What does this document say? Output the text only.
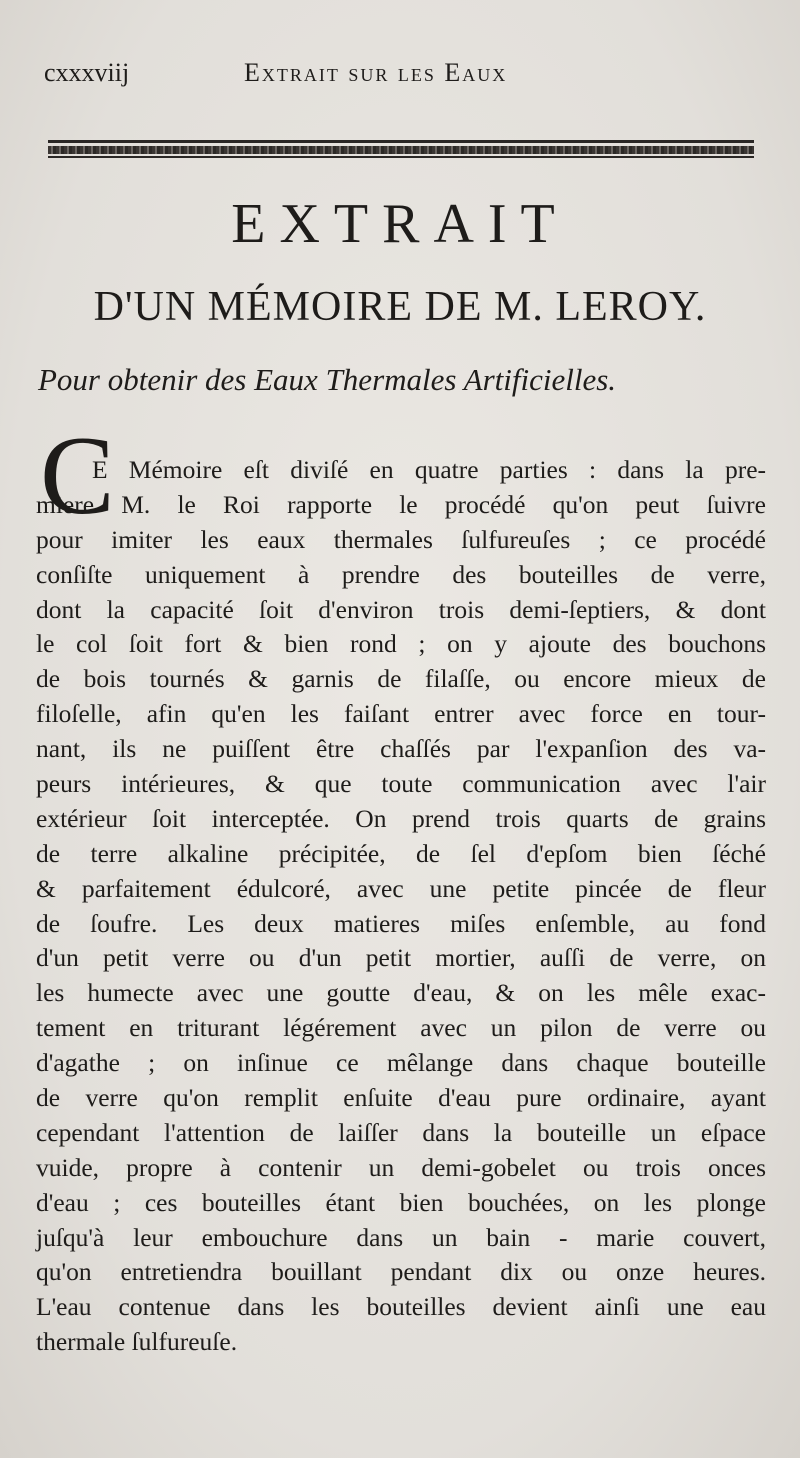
cxxxviij	Extrait sur les Eaux
EXTRAIT
D'UN MÉMOIRE DE M. LEROY.
Pour obtenir des Eaux Thermales Artificielles.
C
E Mémoire eſt diviſé en quatre parties : dans la pre-
miere M. le Roi rapporte le procédé qu'on peut ſuivre
pour imiter les eaux thermales ſulfureuſes ; ce procédé
conſiſte uniquement à prendre des bouteilles de verre,
dont la capacité ſoit d'environ trois demi-ſeptiers, & dont
le col ſoit fort & bien rond ; on y ajoute des bouchons
de bois tournés & garnis de filaſſe, ou encore mieux de
filoſelle, afin qu'en les faiſant entrer avec force en tour-
nant, ils ne puiſſent être chaſſés par l'expanſion des va-
peurs intérieures, & que toute communication avec l'air
extérieur ſoit interceptée. On prend trois quarts de grains
de terre alkaline précipitée, de ſel d'epſom bien ſéché
& parfaitement édulcoré, avec une petite pincée de fleur
de ſoufre. Les deux matieres miſes enſemble, au fond
d'un petit verre ou d'un petit mortier, auſſi de verre, on
les humecte avec une goutte d'eau, & on les mêle exac-
tement en triturant légérement avec un pilon de verre ou
d'agathe ; on inſinue ce mêlange dans chaque bouteille
de verre qu'on remplit enſuite d'eau pure ordinaire, ayant
cependant l'attention de laiſſer dans la bouteille un eſpace
vuide, propre à contenir un demi-gobelet ou trois onces
d'eau ; ces bouteilles étant bien bouchées, on les plonge
juſqu'à leur embouchure dans un bain - marie couvert,
qu'on entretiendra bouillant pendant dix ou onze heures.
L'eau contenue dans les bouteilles devient ainſi une eau
thermale ſulfureuſe.
